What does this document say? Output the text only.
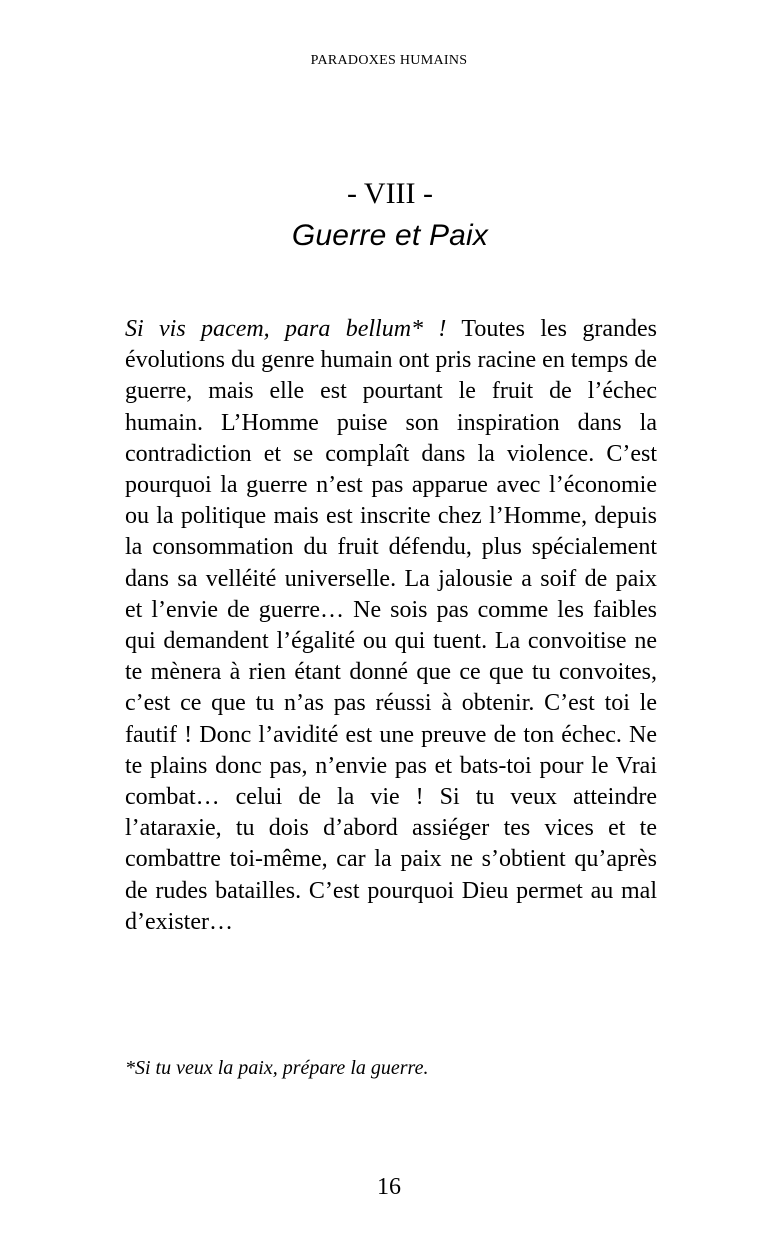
PARADOXES HUMAINS
- VIII -
Guerre et Paix

Si vis pacem, para bellum* ! Toutes les grandes évolutions du genre humain ont pris racine en temps de guerre, mais elle est pourtant le fruit de l’échec humain. L’Homme puise son inspiration dans la contradiction et se complaît dans la violence. C’est pourquoi la guerre n’est pas apparue avec l’économie ou la politique mais est inscrite chez l’Homme, depuis la consommation du fruit défendu, plus spécialement dans sa velléité universelle. La jalousie a soif de paix et l’envie de guerre… Ne sois pas comme les faibles qui demandent l’égalité ou qui tuent. La convoitise ne te mènera à rien étant donné que ce que tu convoites, c’est ce que tu n’as pas réussi à obtenir. C’est toi le fautif ! Donc l’avidité est une preuve de ton échec. Ne te plains donc pas, n’envie pas et bats-toi pour le Vrai combat… celui de la vie ! Si tu veux atteindre l’ataraxie, tu dois d’abord assiéger tes vices et te combattre toi-même, car la paix ne s’obtient qu’après de rudes batailles. C’est pourquoi Dieu permet au mal d’exister…

*Si tu veux la paix, prépare la guerre.
16
